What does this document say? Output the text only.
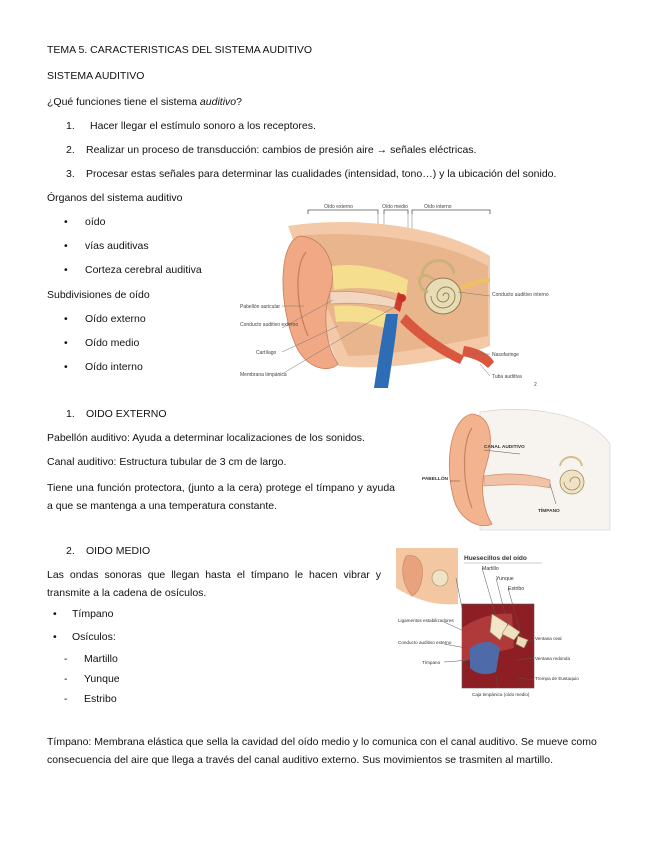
TEMA 5. CARACTERISTICAS DEL SISTEMA AUDITIVO
SISTEMA AUDITIVO
¿Qué funciones tiene el sistema auditivo?
1. Hacer llegar el estímulo sonoro a los receptores.
2. Realizar un proceso de transducción: cambios de presión aire → señales eléctricas.
3. Procesar estas señales para determinar las cualidades (intensidad, tono…) y la ubicación del sonido.
Órganos del sistema auditivo
• oído
• vías auditivas
• Corteza cerebral auditiva
Subdivisiones de oído
• Oído externo
• Oído medio
• Oído interno
Oído externo	Oído medio	Oído interno
Pabellón auricular
Conducto auditivo externo
Cartílago
Membrana timpánica
Conducto auditivo interno
Nasofaringe
Tuba auditiva
2
1. OIDO EXTERNO
Pabellón auditivo: Ayuda a determinar localizaciones de los sonidos.
Canal auditivo: Estructura tubular de 3 cm de largo.
Tiene una función protectora, (junto a la cera) protege el tímpano y ayuda a que se mantenga a una temperatura constante.
CANAL AUDITIVO
PABELLÓN
TÍMPANO
2. OIDO MEDIO
Las ondas sonoras que llegan hasta el tímpano le hacen vibrar y transmite a la cadena de osículos.
• Tímpano
• Osículos:
- Martillo
- Yunque
- Estribo
Huesecillos del oído
Martillo
Yunque
Estribo
Ligamentos estabilizadores
Conducto auditivo externo
Tímpano
Ventana oval
Ventana redonda
Trompa de Eustaquio
Caja timpánica (oído medio)
Tímpano: Membrana elástica que sella la cavidad del oído medio y lo comunica con el canal auditivo. Se mueve como consecuencia del aire que llega a través del canal auditivo externo. Sus movimientos se trasmiten al martillo.
